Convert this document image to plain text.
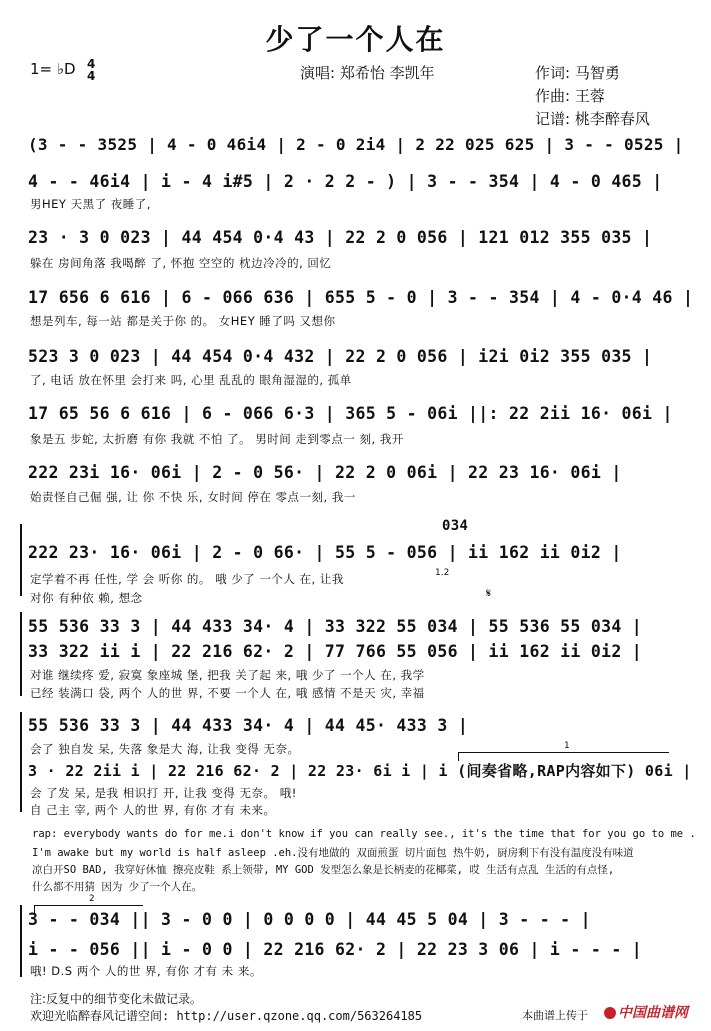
少了一个人在
1= ♭D 4
4	演唱: 郑希怡 李凯年	作词: 马智勇
作曲: 王蓉
记谱: 桃李醉春风
(3 - - 3525 | 4 - 0 46i4 | 2 - 0 2i4 | 2 22 025 625 | 3 - - 0525 |
4 - - 46i4 | i - 4 i#5 | 2 · 2 2 - ) | 3 - - 354 | 4 - 0 465 |
23 · 3 0 023 | 44 454 0·4 43 | 22 2 0 056 | 121 012 355 035 |
17 656 6 616 | 6 - 066 636 | 655 5 - 0 | 3 - - 354 | 4 - 0·4 46 |
523 3 0 023 | 44 454 0·4 432 | 22 2 0 056 | i2i 0i2 355 035 |
17 65 56 6 616 | 6 - 066 6·3 | 365 5 - 06i ||: 22 2ii 16· 06i |
222 23i 16· 06i | 2 - 0 56· | 22 2 0 06i | 22 23 16· 06i |
034
222 23· 16· 06i | 2 - 0 66· | 55 5 - 056 | ii 162 ii 0i2 |
55 536 33 3 | 44 433 34· 4 | 33 322 55 034 | 55 536 55 034 |
33 322 ii i | 22 216 62· 2 | 77 766 55 056 | ii 162 ii 0i2 |
55 536 33 3 | 44 433 34· 4 | 44 45· 433 3 |
3 · 22 2ii i | 22 216 62· 2 | 22 23· 6i i | i (间奏省略,RAP内容如下) 06i |
3 - - 034 || 3 - 0 0 | 0 0 0 0 | 44 45 5 04 | 3 - - - |
i - - 056 || i - 0 0 | 22 216 62· 2 | 22 23 3 06 | i - - - |
男HEY 天黑了 夜睡了,
躲在 房间角落 我喝醉 了, 怀抱 空空的 枕边冷冷的, 回忆
想是列车, 每一站 都是关于你 的。 女HEY 睡了吗 又想你
了, 电话 放在怀里 会打来 吗, 心里 乱乱的 眼角湿湿的, 孤单
象是五 步蛇, 太折磨 有你 我就 不怕 了。 男时间 走到零点一 刻, 我开
始责怪自己倔 强, 让 你 不快 乐, 女时间 停在 零点一刻, 我一
定学着不再 任性, 学 会 听你 的。 哦 少了 一个人 在, 让我
对你 有种依 赖, 想念
对谁 继续疼 爱, 寂寞 象座城 堡, 把我 关了起 来, 哦 少了 一个人 在, 我学
已经 装满口 袋, 两个 人的世 界, 不要 一个人 在, 哦 感情 不是天 灾, 幸福
会了 独自发 呆, 失落 象是大 海, 让我 变得 无奈。
会 了发 呆, 是我 相识打 开, 让我 变得 无奈。 哦!
自 己主 宰, 两个 人的世 界, 有你 才有 未来。
哦! D.S 两个 人的世 界, 有你 才有 未 来。
1
2
1.2
𝄋
rap: everybody wants do for me.i don't know if you can really see., it's the time that for you go to me .
I'm awake but my world is half asleep .eh.没有地做的 双面煎蛋 切片面包 热牛奶, 厨房剩下有没有温度没有味道
凉白开SO BAD, 我穿好休恤 擦亮皮鞋 系上领带, MY GOD 发型怎么象是长柄麦的花椰菜, 哎 生活有点乱 生活的有点怪,
什么都不用猜 因为 少了一个人在。
注:反复中的细节变化未做记录。
欢迎光临醉春风记谱空间: http://user.qzone.qq.com/563264185	本曲谱上传于	中国曲谱网
